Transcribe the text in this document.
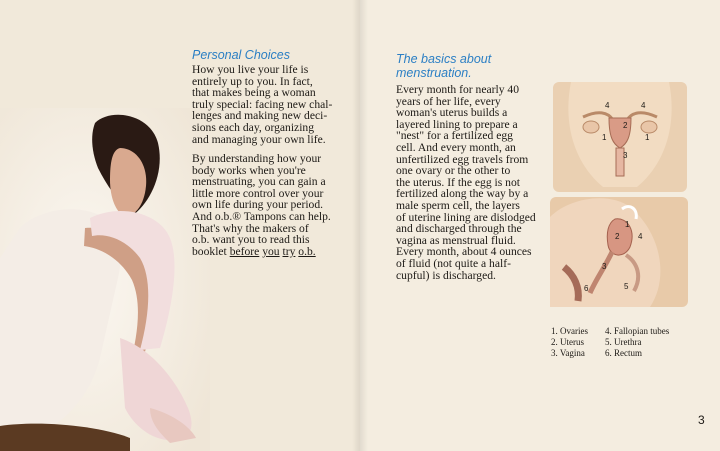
Personal Choices
How you live your life is
entirely up to you. In fact,
that makes being a woman
truly special: facing new chal-
lenges and making new deci-
sions each day, organizing
and managing your own life.
By understanding how your
body works when you're
menstruating, you can gain a
little more control over your
own life during your period.
And o.b.® Tampons can help.
That's why the makers of
o.b. want you to read this
booklet before you try o.b.
The basics about
menstruation.
Every month for nearly 40
years of her life, every
woman's uterus builds a
layered lining to prepare a
"nest" for a fertilized egg
cell. And every month, an
unfertilized egg travels from
one ovary or the other to
the uterus. If the egg is not
fertilized along the way by a
male sperm cell, the layers
of uterine lining are dislodged
and discharged through the
vagina as menstrual fluid.
Every month, about 4 ounces
of fluid (not quite a half-
cupful) is discharged.
4
2
4
1	1
3
1
2 4
3
5
6
1. Ovaries
2. Uterus
3. Vagina
4. Fallopian tubes
5. Urethra
6. Rectum
3
